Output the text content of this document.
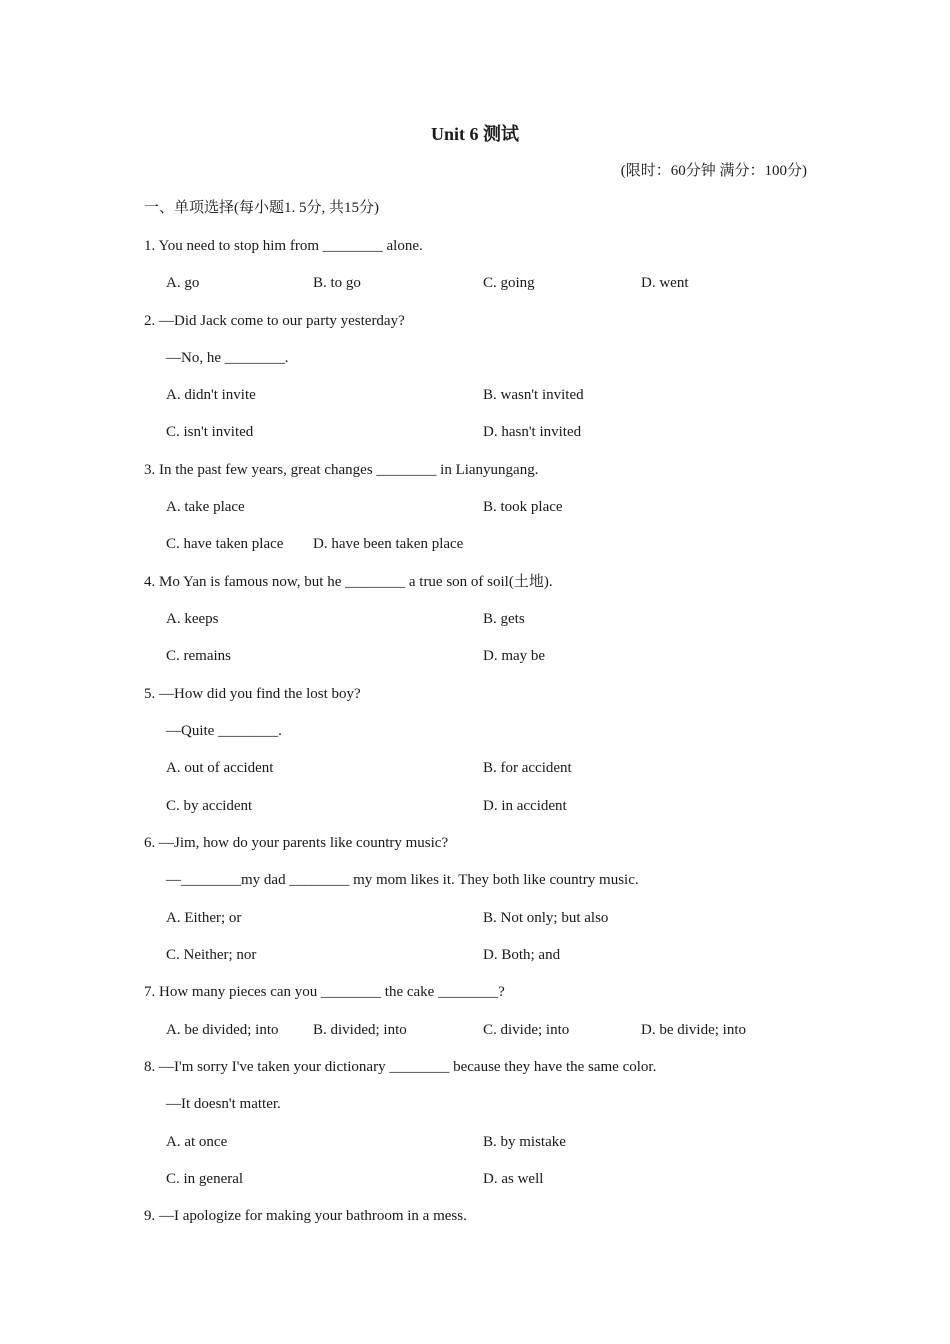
Unit 6 测试
(限时：60分钟 满分：100分)
一、单项选择(每小题1. 5分, 共15分)
1. You need to stop him from ________ alone.
A. go	B. to go	C. going	D. went
2. —Did Jack come to our party yesterday?
—No, he ________.
A. didn't invite	B. wasn't invited
C. isn't invited	D. hasn't invited
3. In the past few years, great changes ________ in Lianyungang.
A. take place	B. took place
C. have taken place D. have been taken place
4. Mo Yan is famous now, but he ________ a true son of soil(土地).
A. keeps	B. gets
C. remains	D. may be
5. —How did you find the lost boy?
—Quite ________.
A. out of accident	B. for accident
C. by accident	D. in accident
6. —Jim, how do your parents like country music?
—________my dad ________ my mom likes it. They both like country music.
A. Either; or	B. Not only; but also
C. Neither; nor	D. Both; and
7. How many pieces can you ________ the cake ________?
A. be divided; into B. divided; into	C. divide; into	D. be divide; into
8. —I'm sorry I've taken your dictionary ________ because they have the same color.
—It doesn't matter.
A. at once	B. by mistake
C. in general	D. as well
9. —I apologize for making your bathroom in a mess.
